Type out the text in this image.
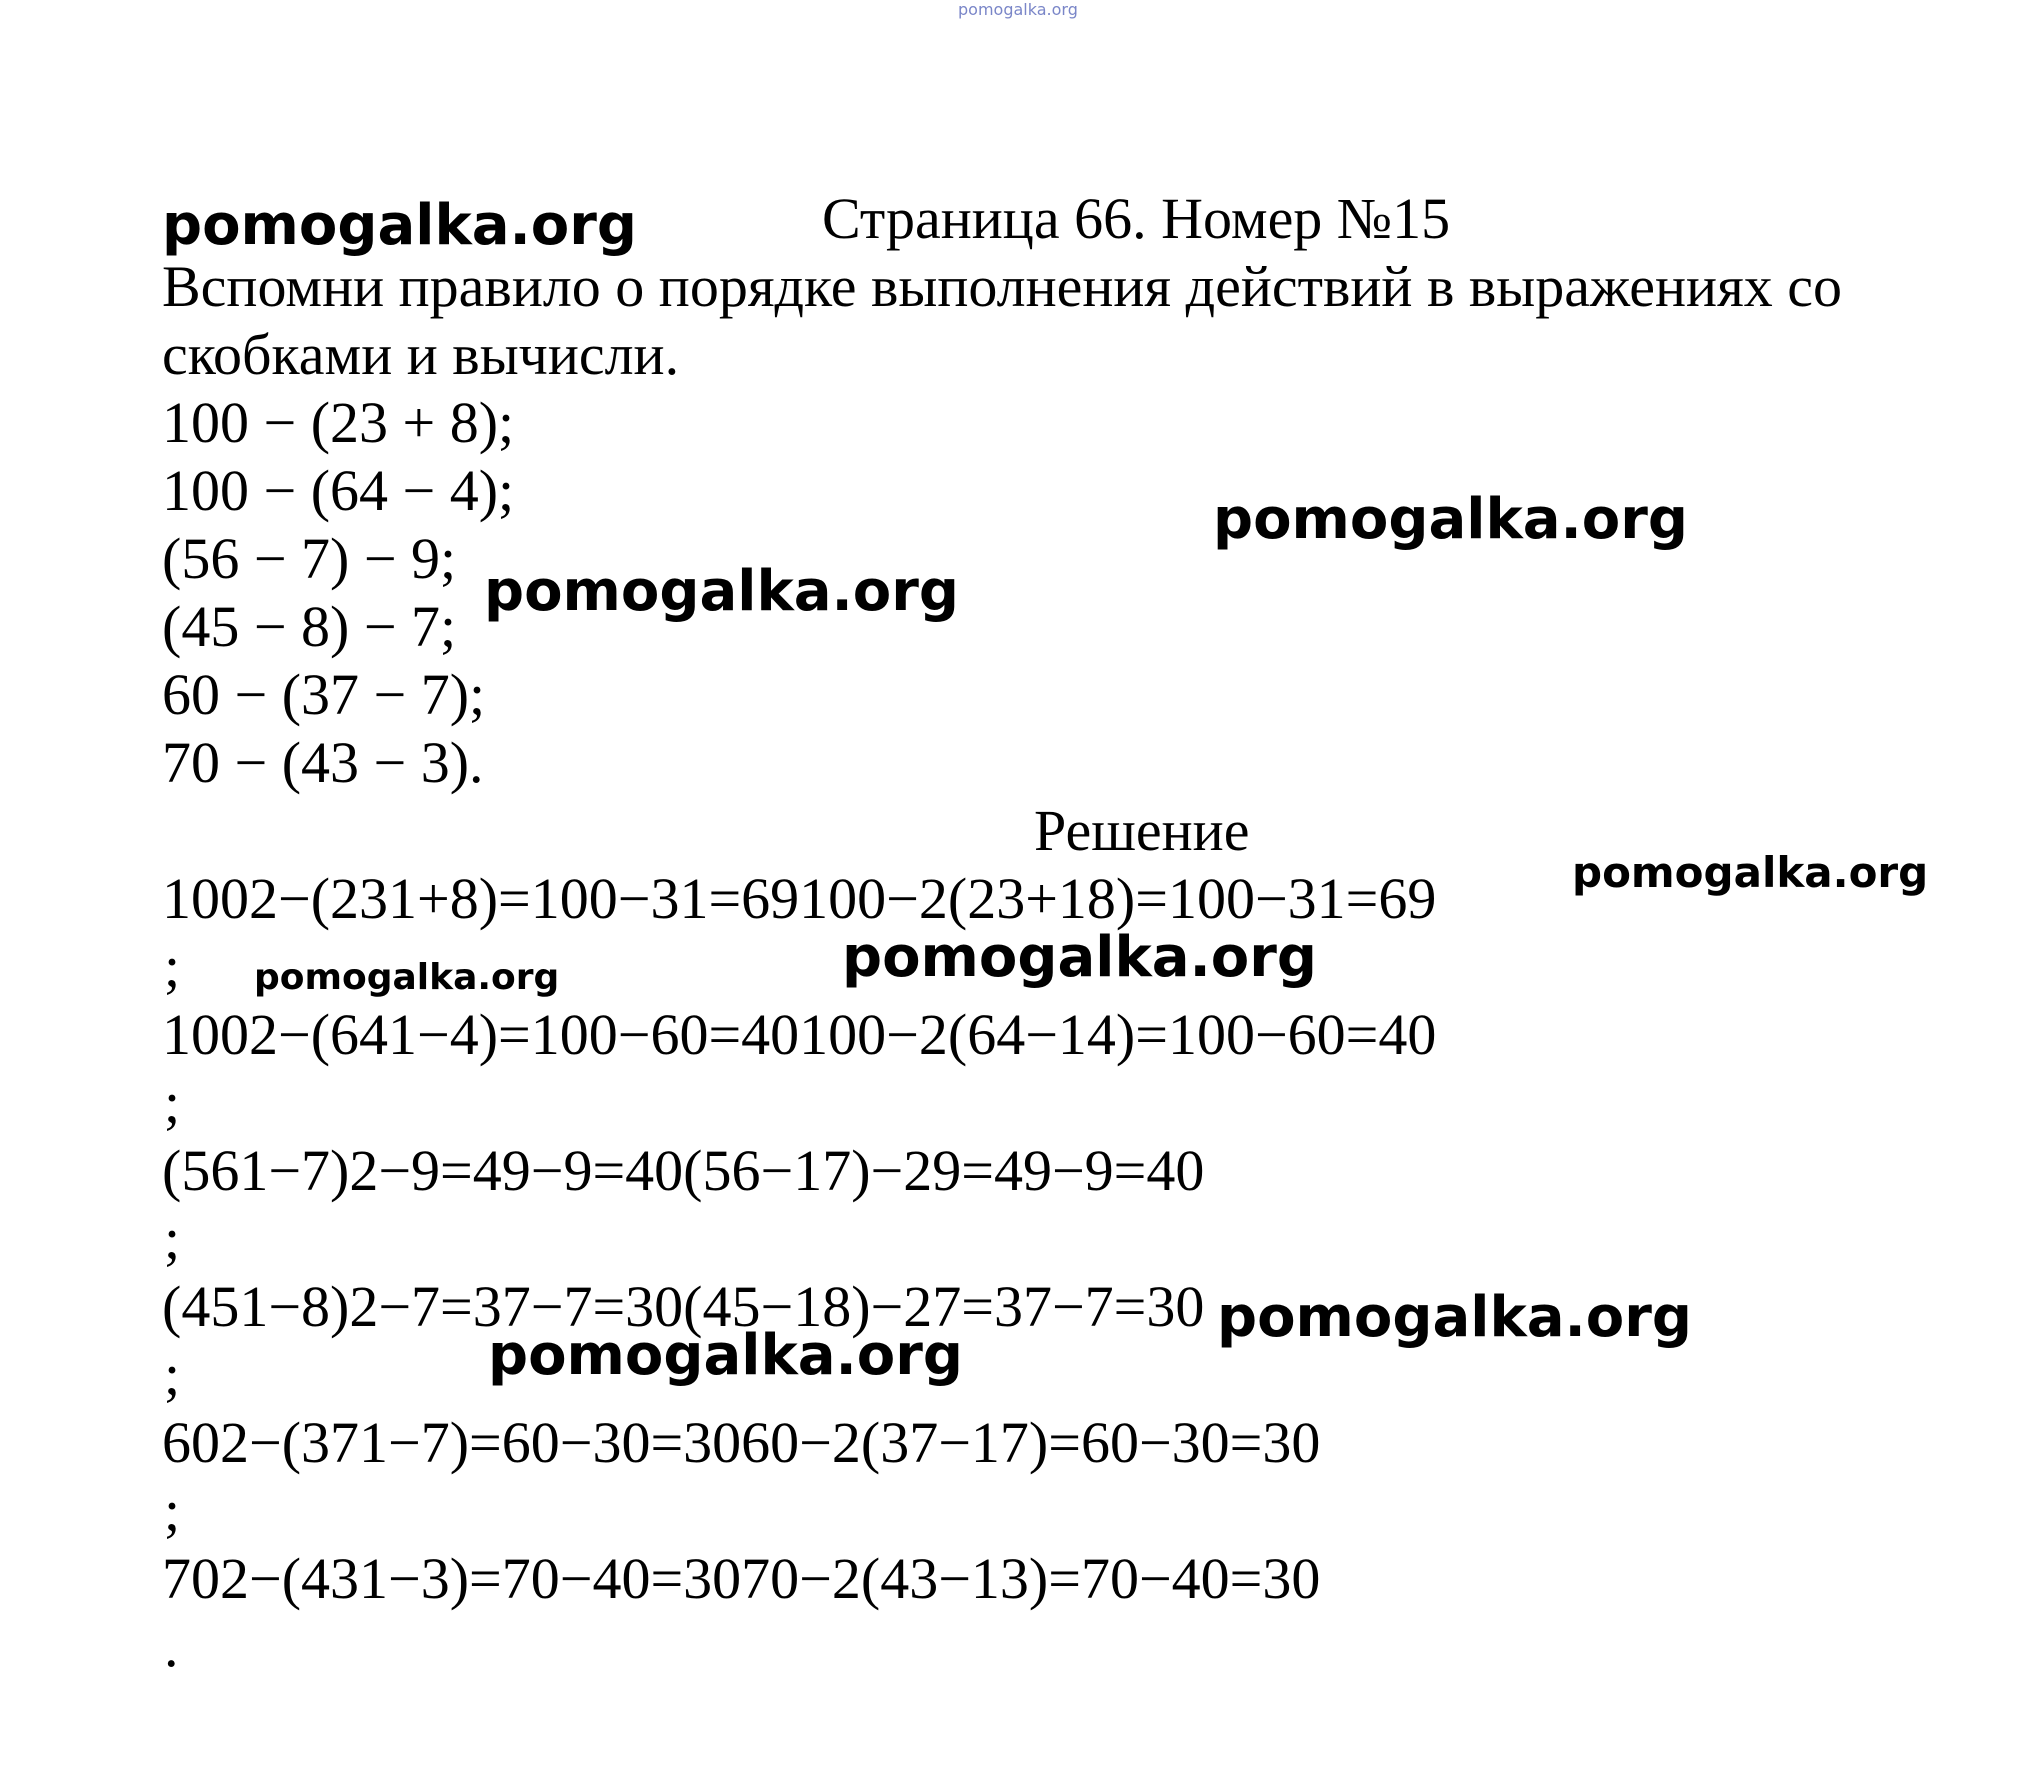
pomogalka.org
pomogalka.org	Страница 66. Номер №15
Вспомни правило о порядке выполнения действий в выражениях со
скобками и вычисли.
100 − (23 + 8);
100 − (64 − 4);
(56 − 7) − 9;
(45 − 8) − 7;
60 − (37 − 7);
70 − (43 − 3).
pomogalka.org
pomogalka.org
Решение
pomogalka.org
1002−(231+8)=100−31=69100−2(23+18)=100−31=69
; pomogalka.org	pomogalka.org
1002−(641−4)=100−60=40100−2(64−14)=100−60=40
;
(561−7)2−9=49−9=40(56−17)−29=49−9=40
;
(451−8)2−7=37−7=30(45−18)−27=37−7=30 pomogalka.org
;	pomogalka.org
602−(371−7)=60−30=3060−2(37−17)=60−30=30
;
702−(431−3)=70−40=3070−2(43−13)=70−40=30
.
